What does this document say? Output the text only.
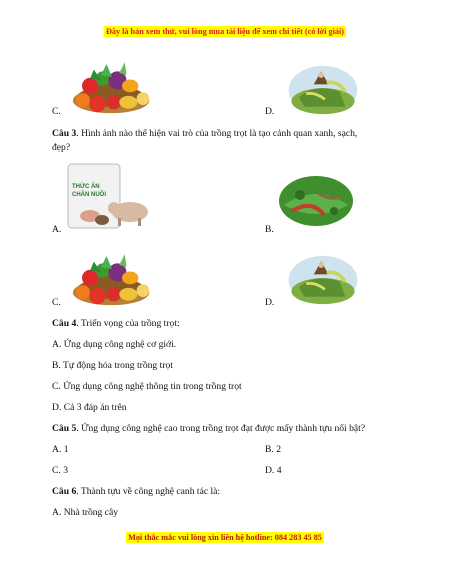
Đây là bản xem thử, vui lòng mua tài liệu để xem chi tiết (có lời giải)
Mọi thắc mắc vui lòng xin liên hệ hotline: 084 283 45 85
C.	D.
Câu 3. Hình ảnh nào thể hiện vai trò của trồng trọt là tạo cảnh quan xanh, sạch,
đẹp?
THỨC ĂN
CHĂN NUÔI
A.	B.
C.	D.
Câu 4. Triển vọng của trồng trọt:
A. Ứng dụng công nghệ cơ giới.
B. Tự động hóa trong trồng trọt
C. Ứng dụng công nghệ thông tin trong trồng trọt
D. Cả 3 đáp án trên
Câu 5. Ứng dụng công nghệ cao trong trồng trọt đạt được mấy thành tựu nổi bật?
A. 1	B. 2
C. 3	D. 4
Câu 6. Thành tựu về công nghệ canh tác là:
A. Nhà trồng cây
